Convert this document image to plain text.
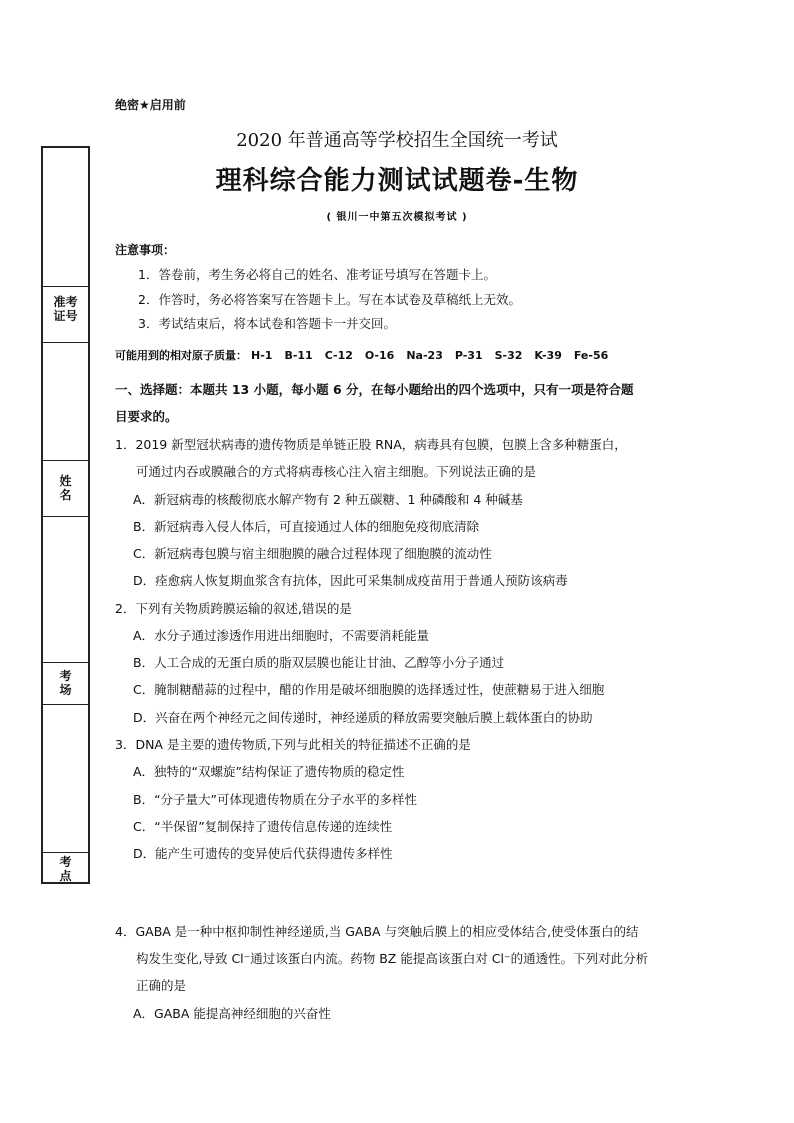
准考
证号
姓
名
考
场
考
点
绝密★启用前
2020 年普通高等学校招生全国统一考试
理科综合能力测试试题卷-生物
( 银川一中第五次模拟考试 )
注意事项：
1．答卷前，考生务必将自己的姓名、准考证号填写在答题卡上。
2．作答时，务必将答案写在答题卡上。写在本试卷及草稿纸上无效。
3．考试结束后，将本试卷和答题卡一并交回。
可能用到的相对原子质量： H-1 B-11 C-12 O-16 Na-23 P-31 S-32 K-39 Fe-56
一、选择题：本题共 13 小题，每小题 6 分，在每小题给出的四个选项中，只有一项是符合题
目要求的。
1．2019 新型冠状病毒的遗传物质是单链正股 RNA，病毒具有包膜，包膜上含多种糖蛋白，
可通过内吞或膜融合的方式将病毒核心注入宿主细胞。下列说法正确的是
A．新冠病毒的核酸彻底水解产物有 2 种五碳糖、1 种磷酸和 4 种碱基
B．新冠病毒入侵人体后，可直接通过人体的细胞免疫彻底清除
C．新冠病毒包膜与宿主细胞膜的融合过程体现了细胞膜的流动性
D．痊愈病人恢复期血浆含有抗体，因此可采集制成疫苗用于普通人预防该病毒
2．下列有关物质跨膜运输的叙述,错误的是
A．水分子通过渗透作用进出细胞时，不需要消耗能量
B．人工合成的无蛋白质的脂双层膜也能让甘油、乙醇等小分子通过
C．腌制糖醋蒜的过程中，醋的作用是破坏细胞膜的选择透过性，使蔗糖易于进入细胞
D．兴奋在两个神经元之间传递时，神经递质的释放需要突触后膜上载体蛋白的协助
3．DNA 是主要的遗传物质,下列与此相关的特征描述不正确的是
A．独特的“双螺旋”结构保证了遗传物质的稳定性
B．“分子量大”可体现遗传物质在分子水平的多样性
C．“半保留”复制保持了遗传信息传递的连续性
D．能产生可遗传的变异使后代获得遗传多样性
4．GABA 是一种中枢抑制性神经递质,当 GABA 与突触后膜上的相应受体结合,使受体蛋白的结
构发生变化,导致 Cl⁻通过该蛋白内流。药物 BZ 能提高该蛋白对 Cl⁻的通透性。下列对此分析
正确的是
A．GABA 能提高神经细胞的兴奋性
